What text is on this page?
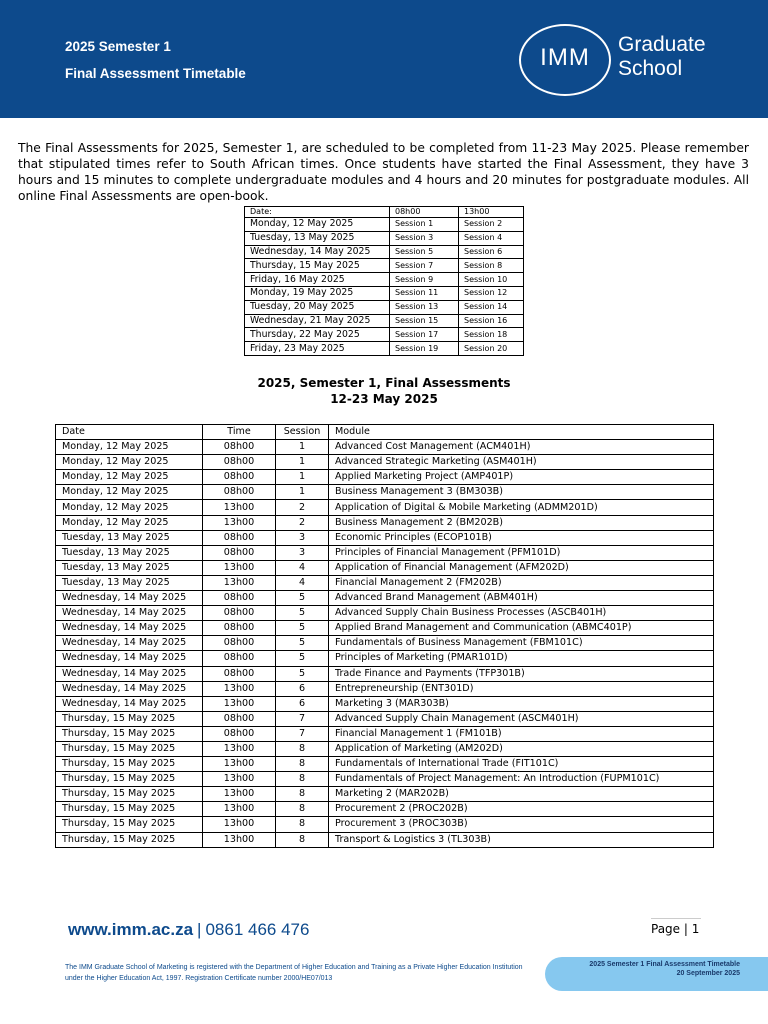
2025 Semester 1
Final Assessment Timetable
IMM	Graduate
School
The Final Assessments for 2025, Semester 1, are scheduled to be completed from 11-23 May 2025. Please remember that stipulated times refer to South African times. Once students have started the Final Assessment, they have 3 hours and 15 minutes to complete undergraduate modules and 4 hours and 20 minutes for postgraduate modules. All online Final Assessments are open-book.
Date:	08h00	13h00
Monday, 12 May 2025	Session 1	Session 2
Tuesday, 13 May 2025	Session 3	Session 4
Wednesday, 14 May 2025	Session 5	Session 6
Thursday, 15 May 2025	Session 7	Session 8
Friday, 16 May 2025	Session 9	Session 10
Monday, 19 May 2025	Session 11	Session 12
Tuesday, 20 May 2025	Session 13	Session 14
Wednesday, 21 May 2025	Session 15	Session 16
Thursday, 22 May 2025	Session 17	Session 18
Friday, 23 May 2025	Session 19	Session 20
2025, Semester 1, Final Assessments
12-23 May 2025
Date	Time	Session	Module
Monday, 12 May 2025	08h00	1	Advanced Cost Management (ACM401H)
Monday, 12 May 2025	08h00	1	Advanced Strategic Marketing (ASM401H)
Monday, 12 May 2025	08h00	1	Applied Marketing Project (AMP401P)
Monday, 12 May 2025	08h00	1	Business Management 3 (BM303B)
Monday, 12 May 2025	13h00	2	Application of Digital & Mobile Marketing (ADMM201D)
Monday, 12 May 2025	13h00	2	Business Management 2 (BM202B)
Tuesday, 13 May 2025	08h00	3	Economic Principles (ECOP101B)
Tuesday, 13 May 2025	08h00	3	Principles of Financial Management (PFM101D)
Tuesday, 13 May 2025	13h00	4	Application of Financial Management (AFM202D)
Tuesday, 13 May 2025	13h00	4	Financial Management 2 (FM202B)
Wednesday, 14 May 2025	08h00	5	Advanced Brand Management (ABM401H)
Wednesday, 14 May 2025	08h00	5	Advanced Supply Chain Business Processes (ASCB401H)
Wednesday, 14 May 2025	08h00	5	Applied Brand Management and Communication (ABMC401P)
Wednesday, 14 May 2025	08h00	5	Fundamentals of Business Management (FBM101C)
Wednesday, 14 May 2025	08h00	5	Principles of Marketing (PMAR101D)
Wednesday, 14 May 2025	08h00	5	Trade Finance and Payments (TFP301B)
Wednesday, 14 May 2025	13h00	6	Entrepreneurship (ENT301D)
Wednesday, 14 May 2025	13h00	6	Marketing 3 (MAR303B)
Thursday, 15 May 2025	08h00	7	Advanced Supply Chain Management (ASCM401H)
Thursday, 15 May 2025	08h00	7	Financial Management 1 (FM101B)
Thursday, 15 May 2025	13h00	8	Application of Marketing (AM202D)
Thursday, 15 May 2025	13h00	8	Fundamentals of International Trade (FIT101C)
Thursday, 15 May 2025	13h00	8	Fundamentals of Project Management: An Introduction (FUPM101C)
Thursday, 15 May 2025	13h00	8	Marketing 2 (MAR202B)
Thursday, 15 May 2025	13h00	8	Procurement 2 (PROC202B)
Thursday, 15 May 2025	13h00	8	Procurement 3 (PROC303B)
Thursday, 15 May 2025	13h00	8	Transport & Logistics 3 (TL303B)
www.imm.ac.za | 0861 466 476	Page | 1
The IMM Graduate School of Marketing is registered with the Department of Higher Education and Training as a Private Higher Education Institution under the Higher Education Act, 1997. Registration Certificate number 2000/HE07/013
2025 Semester 1 Final Assessment Timetable
20 September 2025
